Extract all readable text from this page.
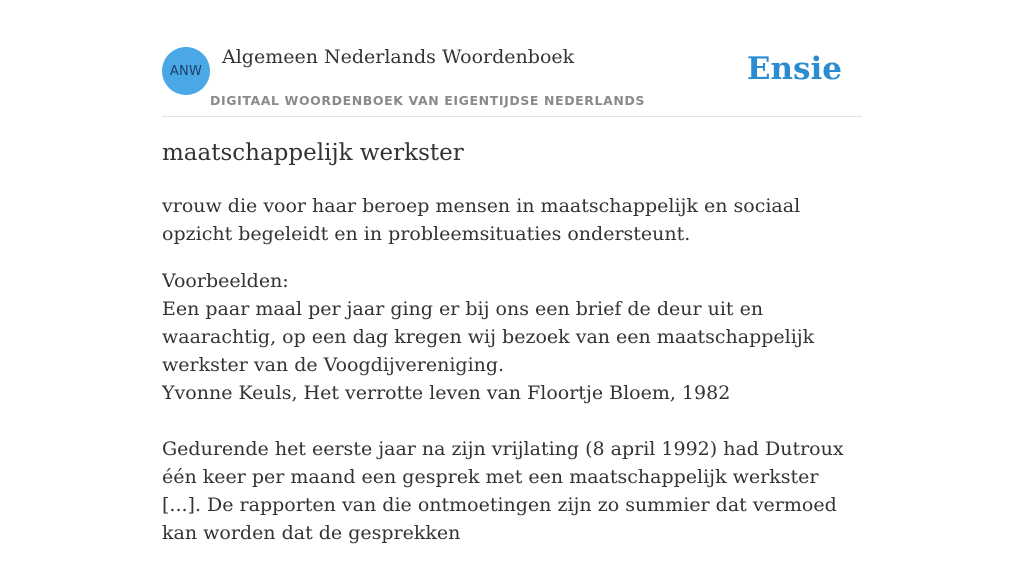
ANW
Algemeen Nederlands Woordenboek
DIGITAAL WOORDENBOEK VAN EIGENTIJDSE NEDERLANDS
Ensie
maatschappelijk werkster

vrouw die voor haar beroep mensen in maatschappelijk en sociaal opzicht begeleidt en in probleemsituaties ondersteunt.

Voorbeelden:

Een paar maal per jaar ging er bij ons een brief de deur uit en waarachtig, op een dag kregen wij bezoek van een maatschappelijk werkster van de Voogdijvereniging.

Yvonne Keuls, Het verrotte leven van Floortje Bloem, 1982

Gedurende het eerste jaar na zijn vrijlating (8 april 1992) had Dutroux één keer per maand een gesprek met een maatschappelijk werkster [...]. De rapporten van die ontmoetingen zijn zo summier dat vermoed kan worden dat de gesprekken
